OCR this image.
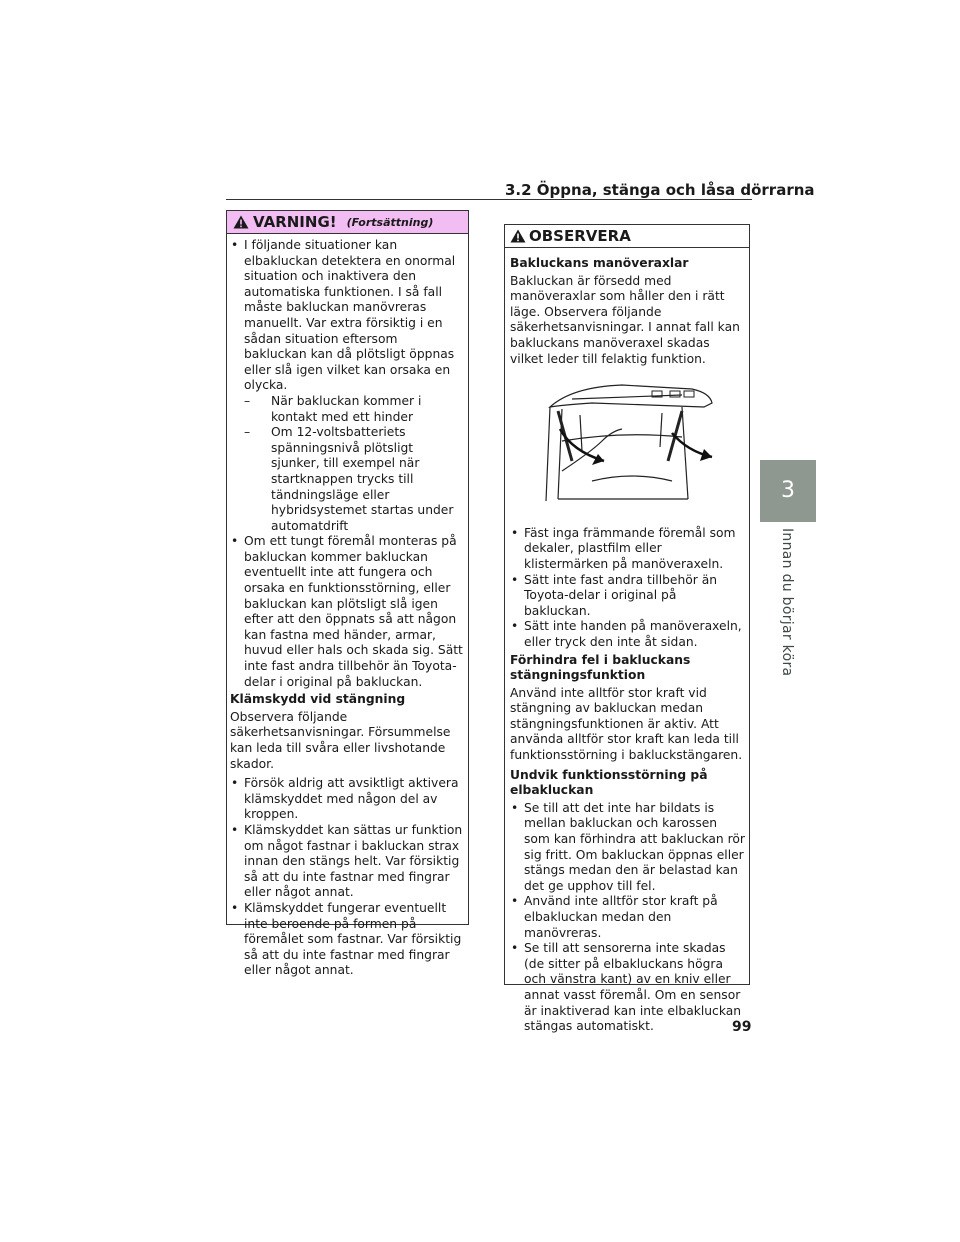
3.2 Öppna, stänga och låsa dörrarna
3
Innan du börjar köra
VARNING! (Fortsättning)
• I följande situationer kan elbakluckan detektera en onormal situation och inaktivera den automatiska funktionen. I så fall måste bakluckan manövreras manuellt. Var extra försiktig i en sådan situation eftersom bakluckan kan då plötsligt öppnas eller slå igen vilket kan orsaka en olycka.
– När bakluckan kommer i kontakt med ett hinder
– Om 12-voltsbatteriets spänningsnivå plötsligt sjunker, till exempel när startknappen trycks till tändningsläge eller hybridsystemet startas under automatdrift
• Om ett tungt föremål monteras på bakluckan kommer bakluckan eventuellt inte att fungera och orsaka en funktionsstörning, eller bakluckan kan plötsligt slå igen efter att den öppnats så att någon kan fastna med händer, armar, huvud eller hals och skada sig. Sätt inte fast andra tillbehör än Toyota-delar i original på bakluckan.
Klämskydd vid stängning

Observera följande säkerhetsanvisningar. Försummelse kan leda till svåra eller livshotande skador.

• Försök aldrig att avsiktligt aktivera klämskyddet med någon del av kroppen.
• Klämskyddet kan sättas ur funktion om något fastnar i bakluckan strax innan den stängs helt. Var försiktig så att du inte fastnar med fingrar eller något annat.
• Klämskyddet fungerar eventuellt inte beroende på formen på föremålet som fastnar. Var försiktig så att du inte fastnar med fingrar eller något annat.
OBSERVERA
Bakluckans manöveraxlar

Bakluckan är försedd med manöveraxlar som håller den i rätt läge. Observera följande säkerhetsanvisningar. I annat fall kan bakluckans manöveraxel skadas vilket leder till felaktig funktion.

• Fäst inga främmande föremål som dekaler, plastfilm eller klistermärken på manöveraxeln.
• Sätt inte fast andra tillbehör än Toyota-delar i original på bakluckan.
• Sätt inte handen på manöveraxeln, eller tryck den inte åt sidan.
Förhindra fel i bakluckans stängningsfunktion

Använd inte alltför stor kraft vid stängning av bakluckan medan stängningsfunktionen är aktiv. Att använda alltför stor kraft kan leda till funktionsstörning i bakluckstängaren.

Undvik funktionsstörning på elbakluckan
• Se till att det inte har bildats is mellan bakluckan och karossen som kan förhindra att bakluckan rör sig fritt. Om bakluckan öppnas eller stängs medan den är belastad kan det ge upphov till fel.
• Använd inte alltför stor kraft på elbakluckan medan den manövreras.
• Se till att sensorerna inte skadas (de sitter på elbakluckans högra och vänstra kant) av en kniv eller annat vasst föremål. Om en sensor är inaktiverad kan inte elbakluckan stängas automatiskt.	99
